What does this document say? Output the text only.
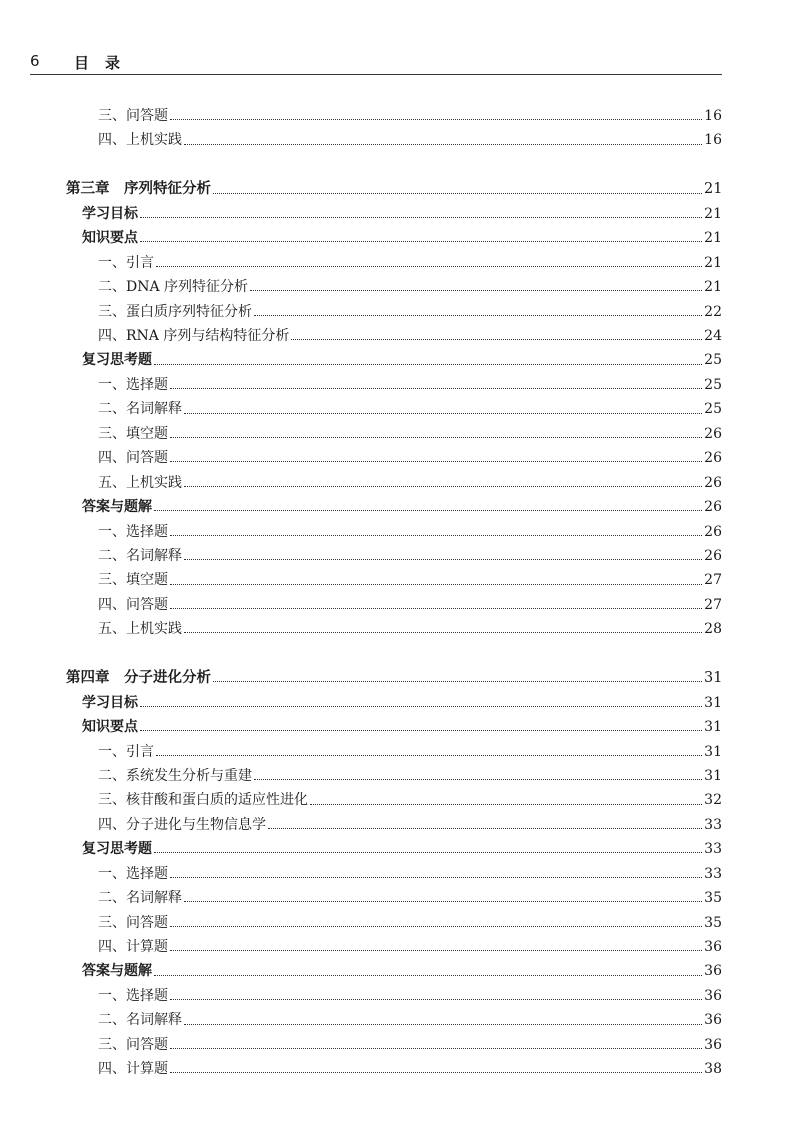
6 目录
三、问答题	16
四、上机实践	16
第三章　序列特征分析	21
学习目标	21
知识要点	21
一、引言	21
二、DNA 序列特征分析	21
三、蛋白质序列特征分析	22
四、RNA 序列与结构特征分析	24
复习思考题	25
一、选择题	25
二、名词解释	25
三、填空题	26
四、问答题	26
五、上机实践	26
答案与题解	26
一、选择题	26
二、名词解释	26
三、填空题	27
四、问答题	27
五、上机实践	28
第四章　分子进化分析	31
学习目标	31
知识要点	31
一、引言	31
二、系统发生分析与重建	31
三、核苷酸和蛋白质的适应性进化	32
四、分子进化与生物信息学	33
复习思考题	33
一、选择题	33
二、名词解释	35
三、问答题	35
四、计算题	36
答案与题解	36
一、选择题	36
二、名词解释	36
三、问答题	36
四、计算题	38
